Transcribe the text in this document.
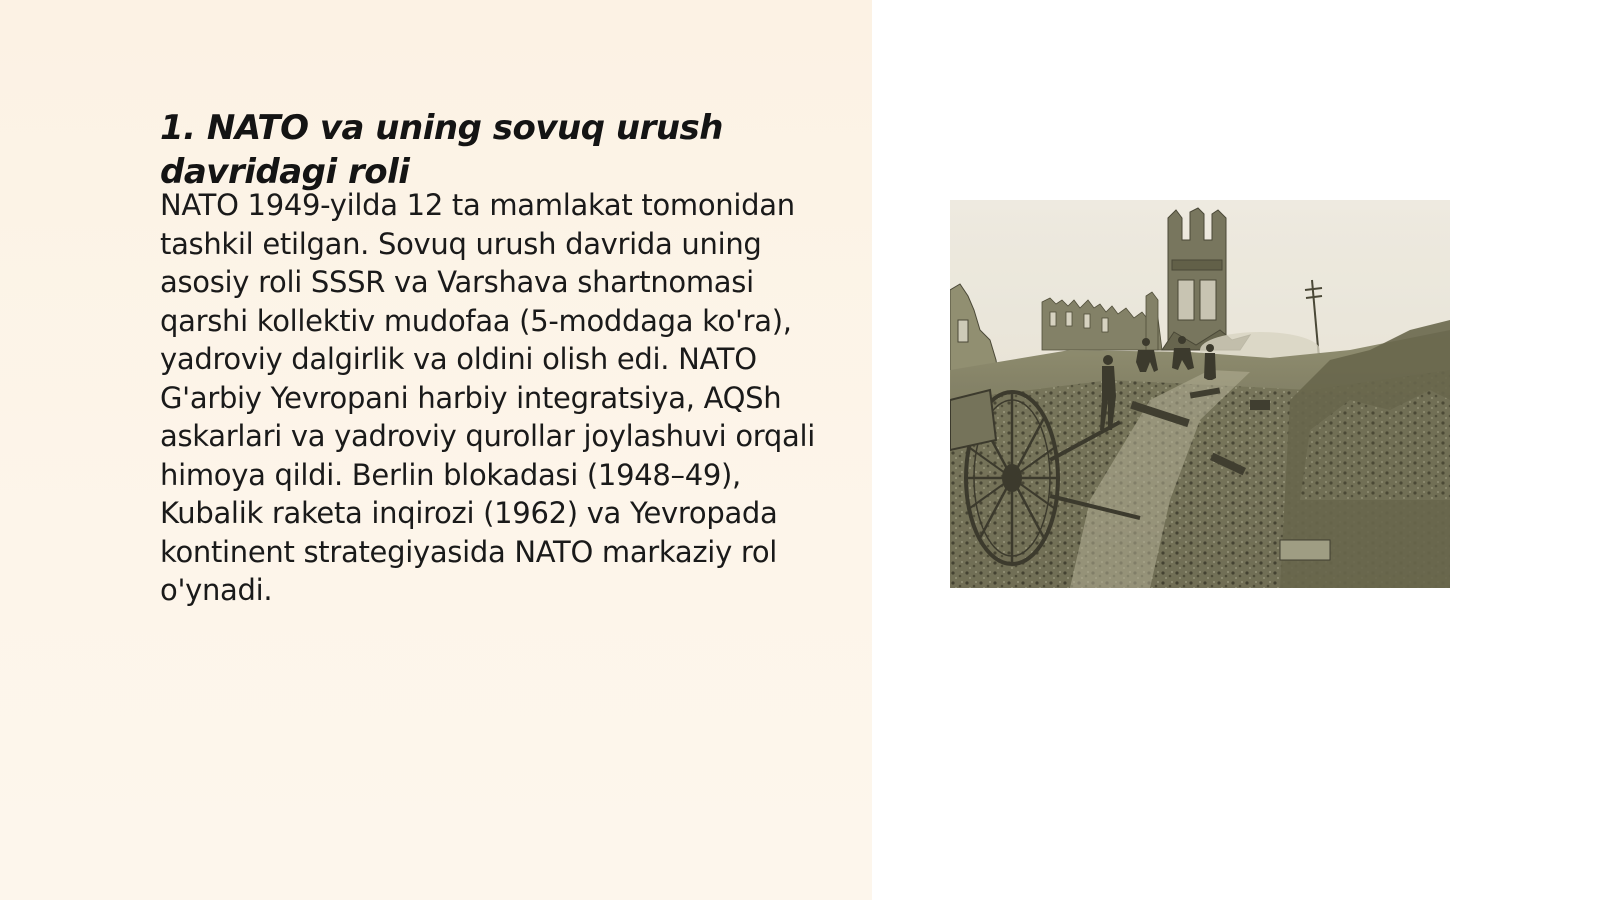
1. NATO va uning sovuq urush davridagi roli

NATO 1949-yilda 12 ta mamlakat tomonidan tashkil etilgan. Sovuq urush davrida uning asosiy roli SSSR va Varshava shartnomasi qarshi kollektiv mudofaa (5-moddaga ko'ra), yadroviy dalgirlik va oldini olish edi. NATO G'arbiy Yevropani harbiy integratsiya, AQSh askarlari va yadroviy qurollar joylashuvi orqali himoya qildi. Berlin blokadasi (1948–49), Kubalik raketa inqirozi (1962) va Yevropada kontinent strategiyasida NATO markaziy rol o'ynadi.
